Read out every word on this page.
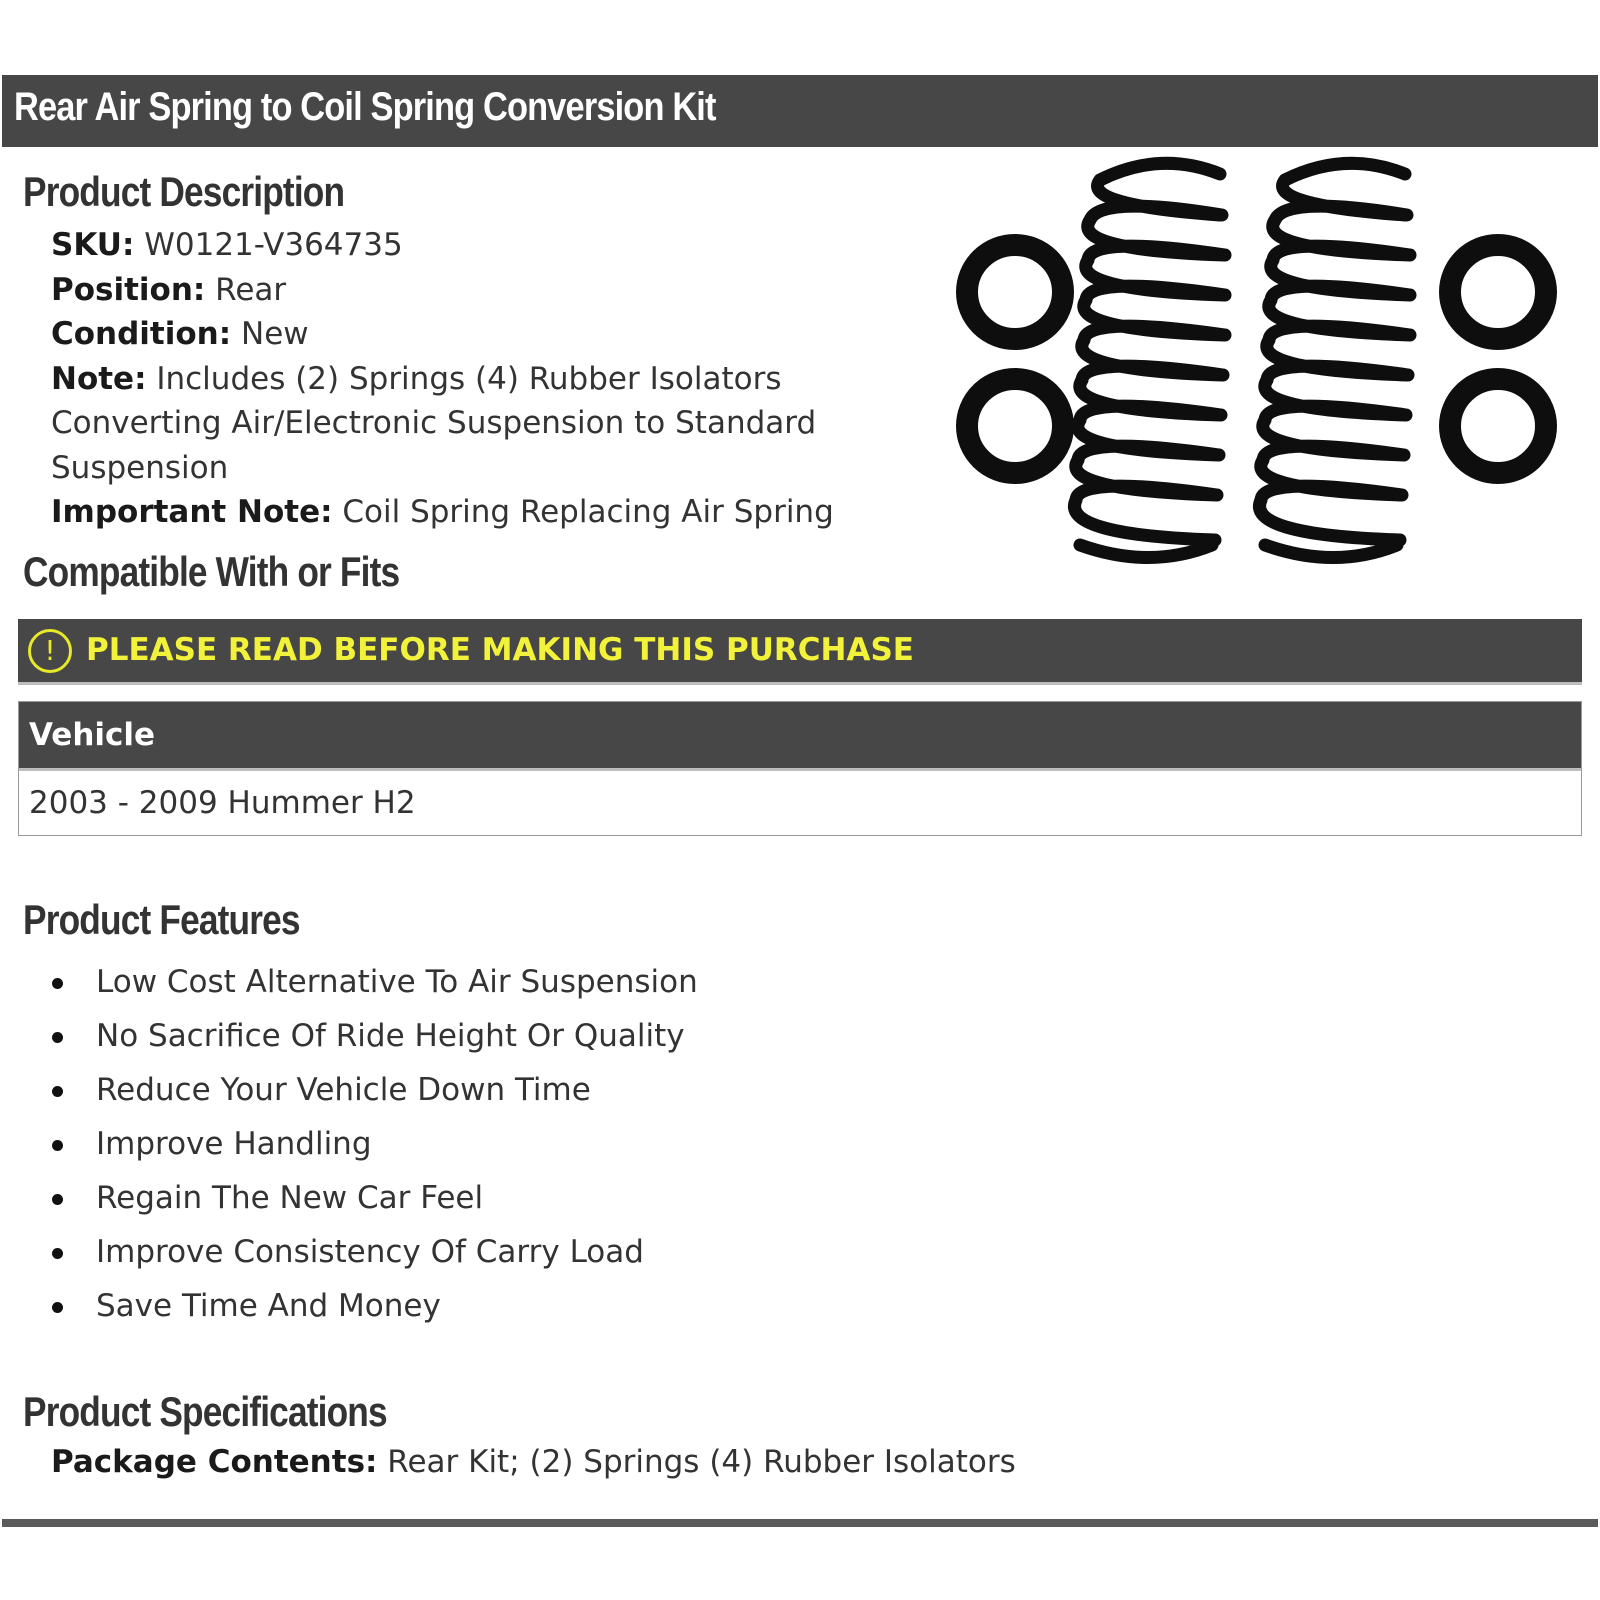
Rear Air Spring to Coil Spring Conversion Kit
Product Description
SKU: W0121-V364735
Position: Rear
Condition: New
Note: Includes (2) Springs (4) Rubber Isolators Converting Air/Electronic Suspension to Standard Suspension
Important Note: Coil Spring Replacing Air Spring
Compatible With or Fits
! PLEASE READ BEFORE MAKING THIS PURCHASE
Vehicle
2003 - 2009 Hummer H2
Product Features
Low Cost Alternative To Air Suspension
No Sacrifice Of Ride Height Or Quality
Reduce Your Vehicle Down Time
Improve Handling
Regain The New Car Feel
Improve Consistency Of Carry Load
Save Time And Money
Product Specifications
Package Contents: Rear Kit; (2) Springs (4) Rubber Isolators
